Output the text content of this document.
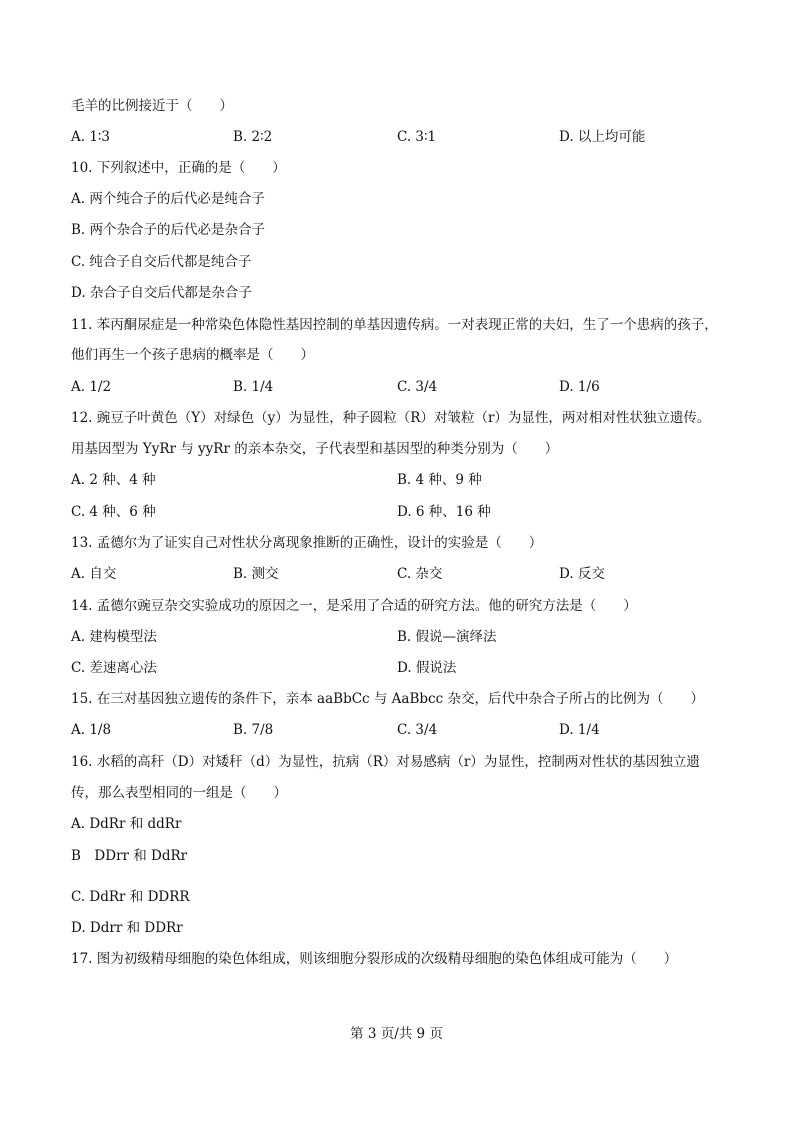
毛羊的比例接近于（　　）
A. 1∶3	B. 2∶2	C. 3∶1	D. 以上均可能
10. 下列叙述中，正确的是（　　）
A. 两个纯合子的后代必是纯合子
B. 两个杂合子的后代必是杂合子
C. 纯合子自交后代都是纯合子
D. 杂合子自交后代都是杂合子
11. 苯丙酮尿症是一种常染色体隐性基因控制的单基因遗传病。一对表现正常的夫妇，生了一个患病的孩子，
他们再生一个孩子患病的概率是（　　）
A. 1/2	B. 1/4	C. 3/4	D. 1/6
12. 豌豆子叶黄色（Y）对绿色（y）为显性，种子圆粒（R）对皱粒（r）为显性，两对相对性状独立遗传。
用基因型为 YyRr 与 yyRr 的亲本杂交，子代表型和基因型的种类分别为（　　）
A. 2 种、4 种	B. 4 种、9 种
C. 4 种、6 种	D. 6 种、16 种
13. 孟德尔为了证实自己对性状分离现象推断的正确性，设计的实验是（　　）
A. 自交	B. 测交	C. 杂交	D. 反交
14. 孟德尔豌豆杂交实验成功的原因之一，是采用了合适的研究方法。他的研究方法是（　　）
A. 建构模型法	B. 假说—演绎法
C. 差速离心法	D. 假说法
15. 在三对基因独立遗传的条件下，亲本 aaBbCc 与 AaBbcc 杂交，后代中杂合子所占的比例为（　　）
A. 1/8	B. 7/8	C. 3/4	D. 1/4
16. 水稻的高秆（D）对矮秆（d）为显性，抗病（R）对易感病（r）为显性，控制两对性状的基因独立遗
传，那么表型相同的一组是（　　）
A. DdRr 和 ddRr
B　DDrr 和 DdRr
C. DdRr 和 DDRR
D. Ddrr 和 DDRr
17. 图为初级精母细胞的染色体组成，则该细胞分裂形成的次级精母细胞的染色体组成可能为（　　）
第 3 页/共 9 页
